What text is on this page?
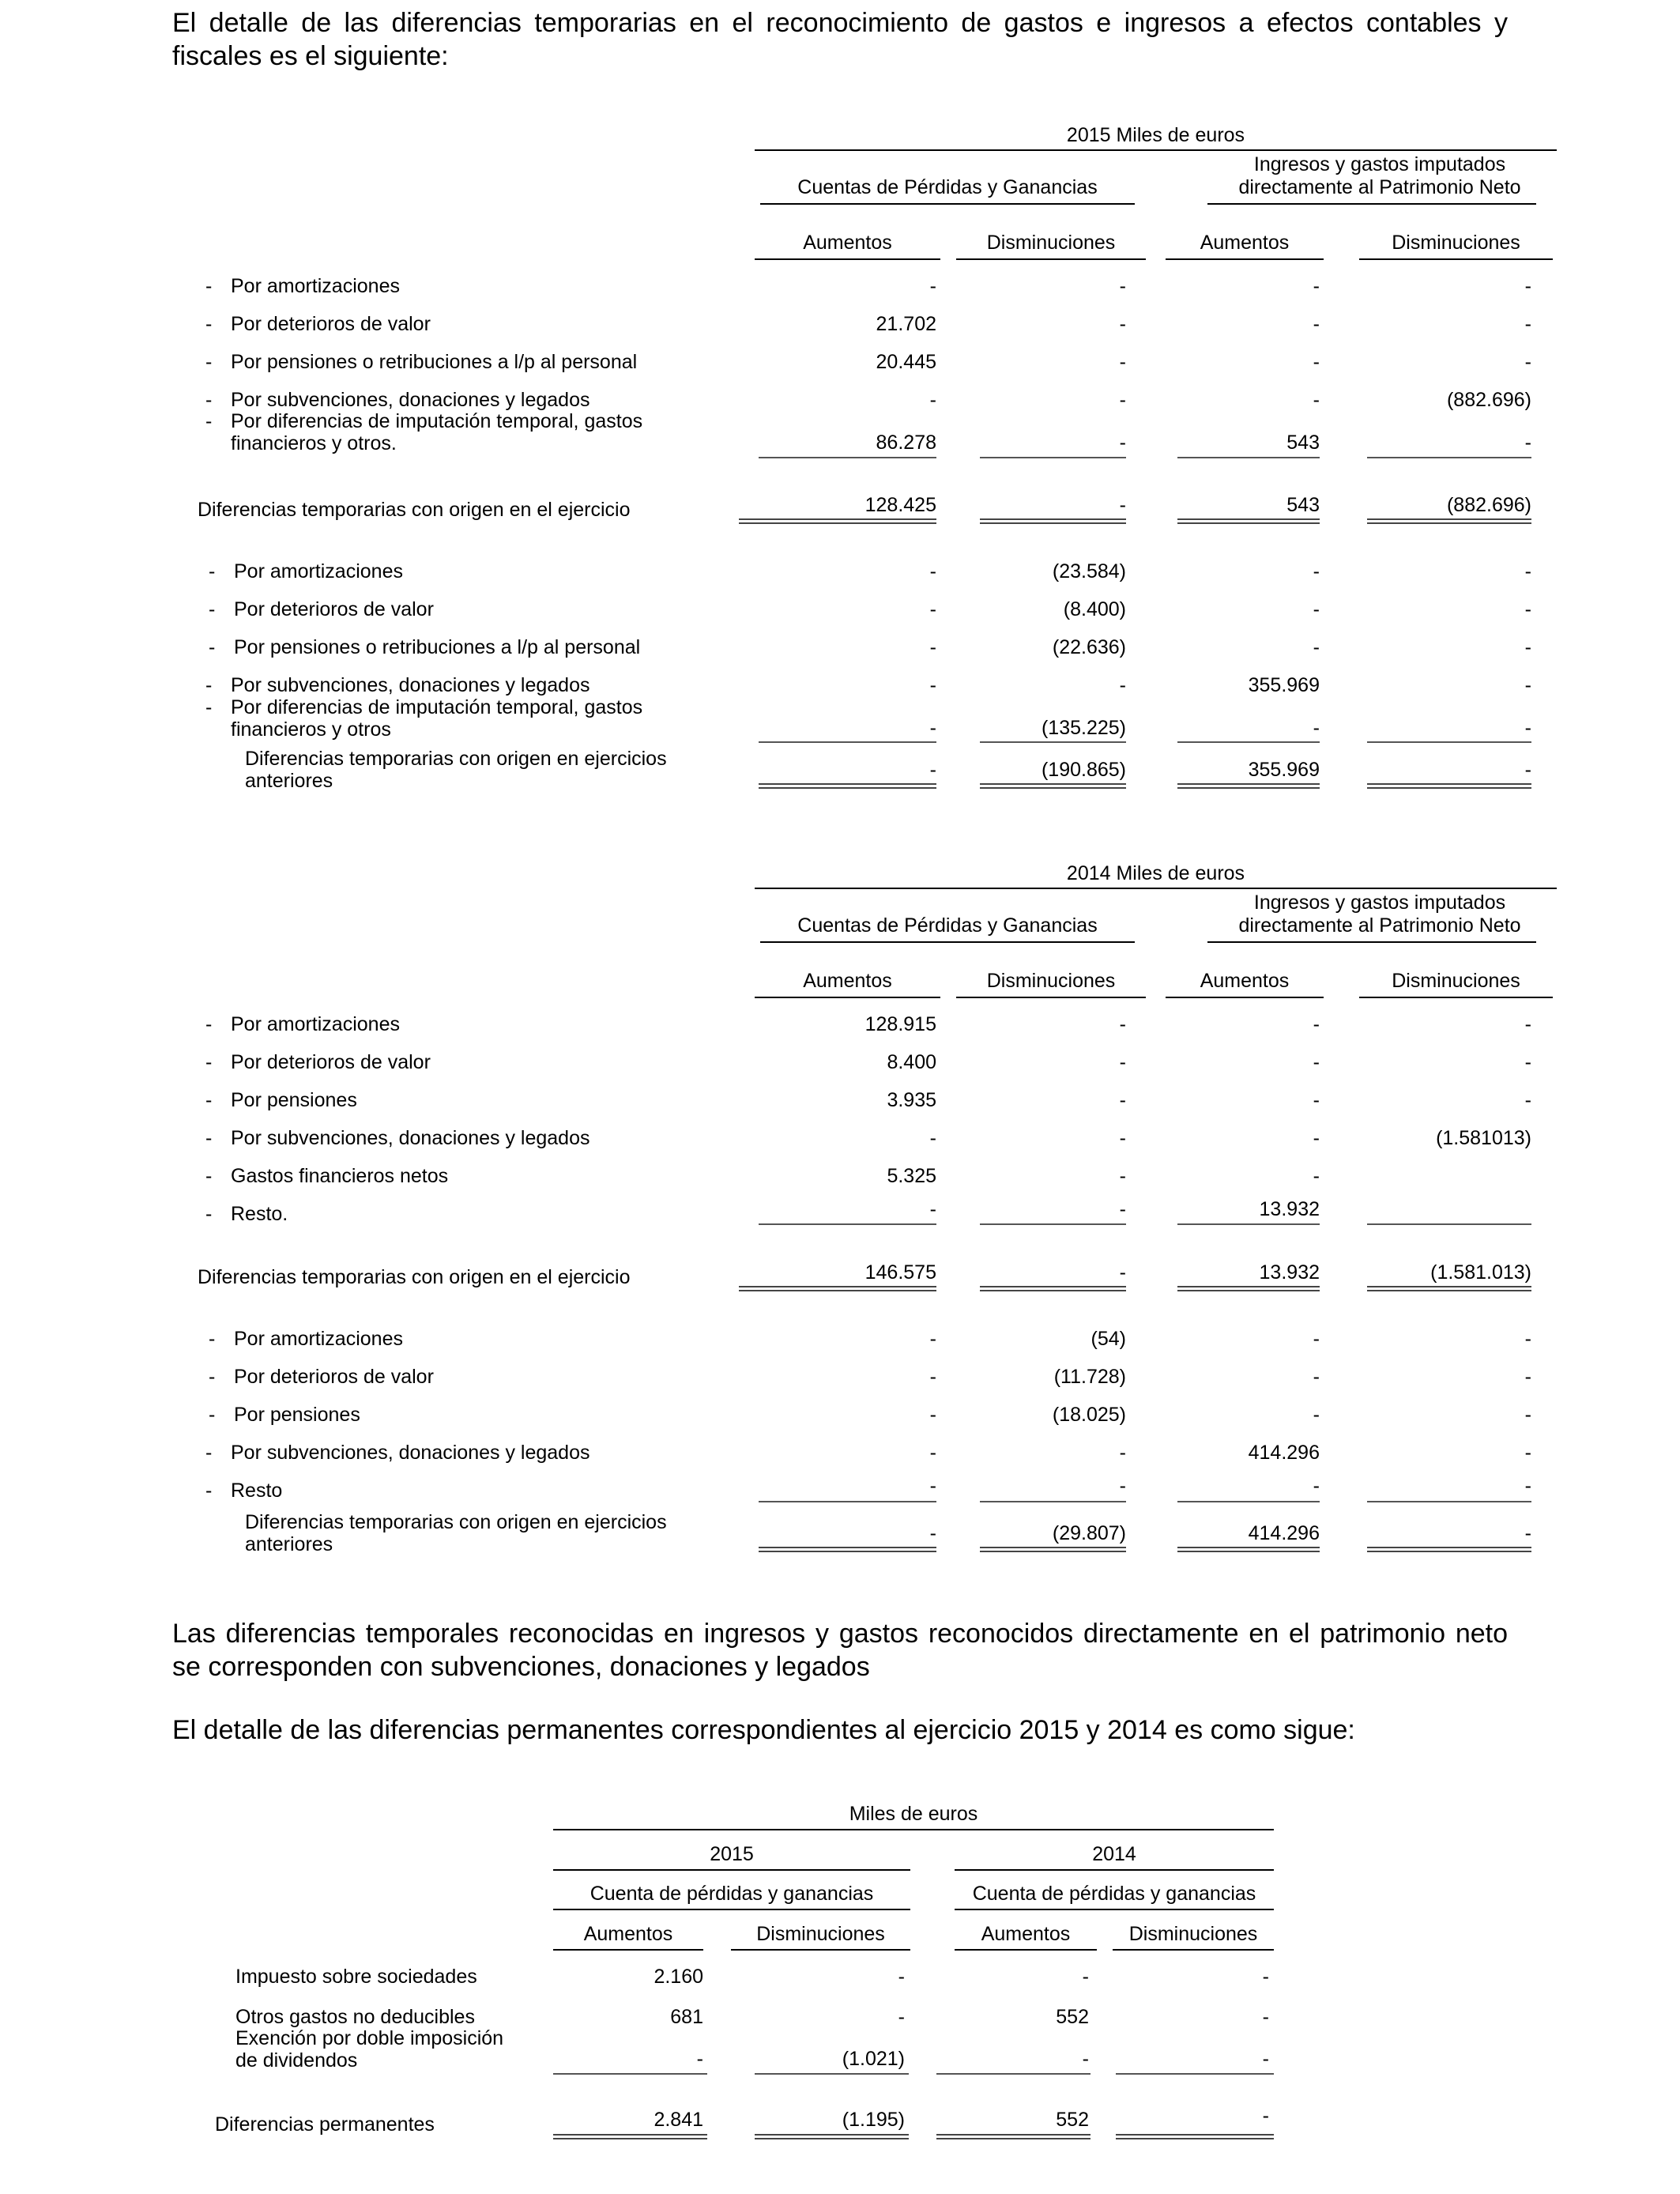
El detalle de las diferencias temporarias en el reconocimiento de gastos e ingresos a efectos contables y fiscales es el siguiente:
2015 Miles de euros
Cuentas de Pérdidas y Ganancias
Ingresos y gastos imputados
directamente al Patrimonio Neto
Aumentos	Disminuciones	Aumentos	Disminuciones
- Por amortizaciones	-	-	-	-
- Por deterioros de valor	21.702	-	-	-
- Por pensiones o retribuciones a l/p al personal	20.445	-	-	-
- Por subvenciones, donaciones y legados	-	-	-	(882.696)
- Por diferencias de imputación temporal, gastos
financieros y otros.	86.278	-	543	-
Diferencias temporarias con origen en el ejercicio	128.425	-	543	(882.696)
- Por amortizaciones	-	(23.584)	-	-
- Por deterioros de valor	-	(8.400)	-	-
- Por pensiones o retribuciones a l/p al personal	-	(22.636)	-	-
- Por subvenciones, donaciones y legados	-	-	355.969	-
- Por diferencias de imputación temporal, gastos
financieros y otros	-	(135.225)	-	-
Diferencias temporarias con origen en ejercicios
anteriores	-	(190.865)	355.969	-
2014 Miles de euros
Cuentas de Pérdidas y Ganancias
Ingresos y gastos imputados
directamente al Patrimonio Neto
Aumentos	Disminuciones	Aumentos	Disminuciones
- Por amortizaciones	128.915	-	-	-
- Por deterioros de valor	8.400	-	-	-
- Por pensiones	3.935	-	-	-
- Por subvenciones, donaciones y legados	-	-	-	(1.581013)
- Gastos financieros netos	5.325	-	-
- Resto.	-	-	13.932
Diferencias temporarias con origen en el ejercicio	146.575	-	13.932	(1.581.013)
- Por amortizaciones	-	(54)	-	-
- Por deterioros de valor	-	(11.728)	-	-
- Por pensiones	-	(18.025)	-	-
- Por subvenciones, donaciones y legados	-	-	414.296	-
- Resto	-	-	-	-
Diferencias temporarias con origen en ejercicios
anteriores	-	(29.807)	414.296	-
Las diferencias temporales reconocidas en ingresos y gastos reconocidos directamente en el patrimonio neto se corresponden con subvenciones, donaciones y legados
El detalle de las diferencias permanentes correspondientes al ejercicio 2015 y 2014 es como sigue:
Miles de euros
2015	2014
Cuenta de pérdidas y ganancias	Cuenta de pérdidas y ganancias
Aumentos	Disminuciones	Aumentos	Disminuciones
Impuesto sobre sociedades	2.160	-	-	-
Otros gastos no deducibles	681	-	552	-
Exención por doble imposición
de dividendos	-	(1.021)	-	-
Diferencias permanentes	2.841	(1.195)	552	-
